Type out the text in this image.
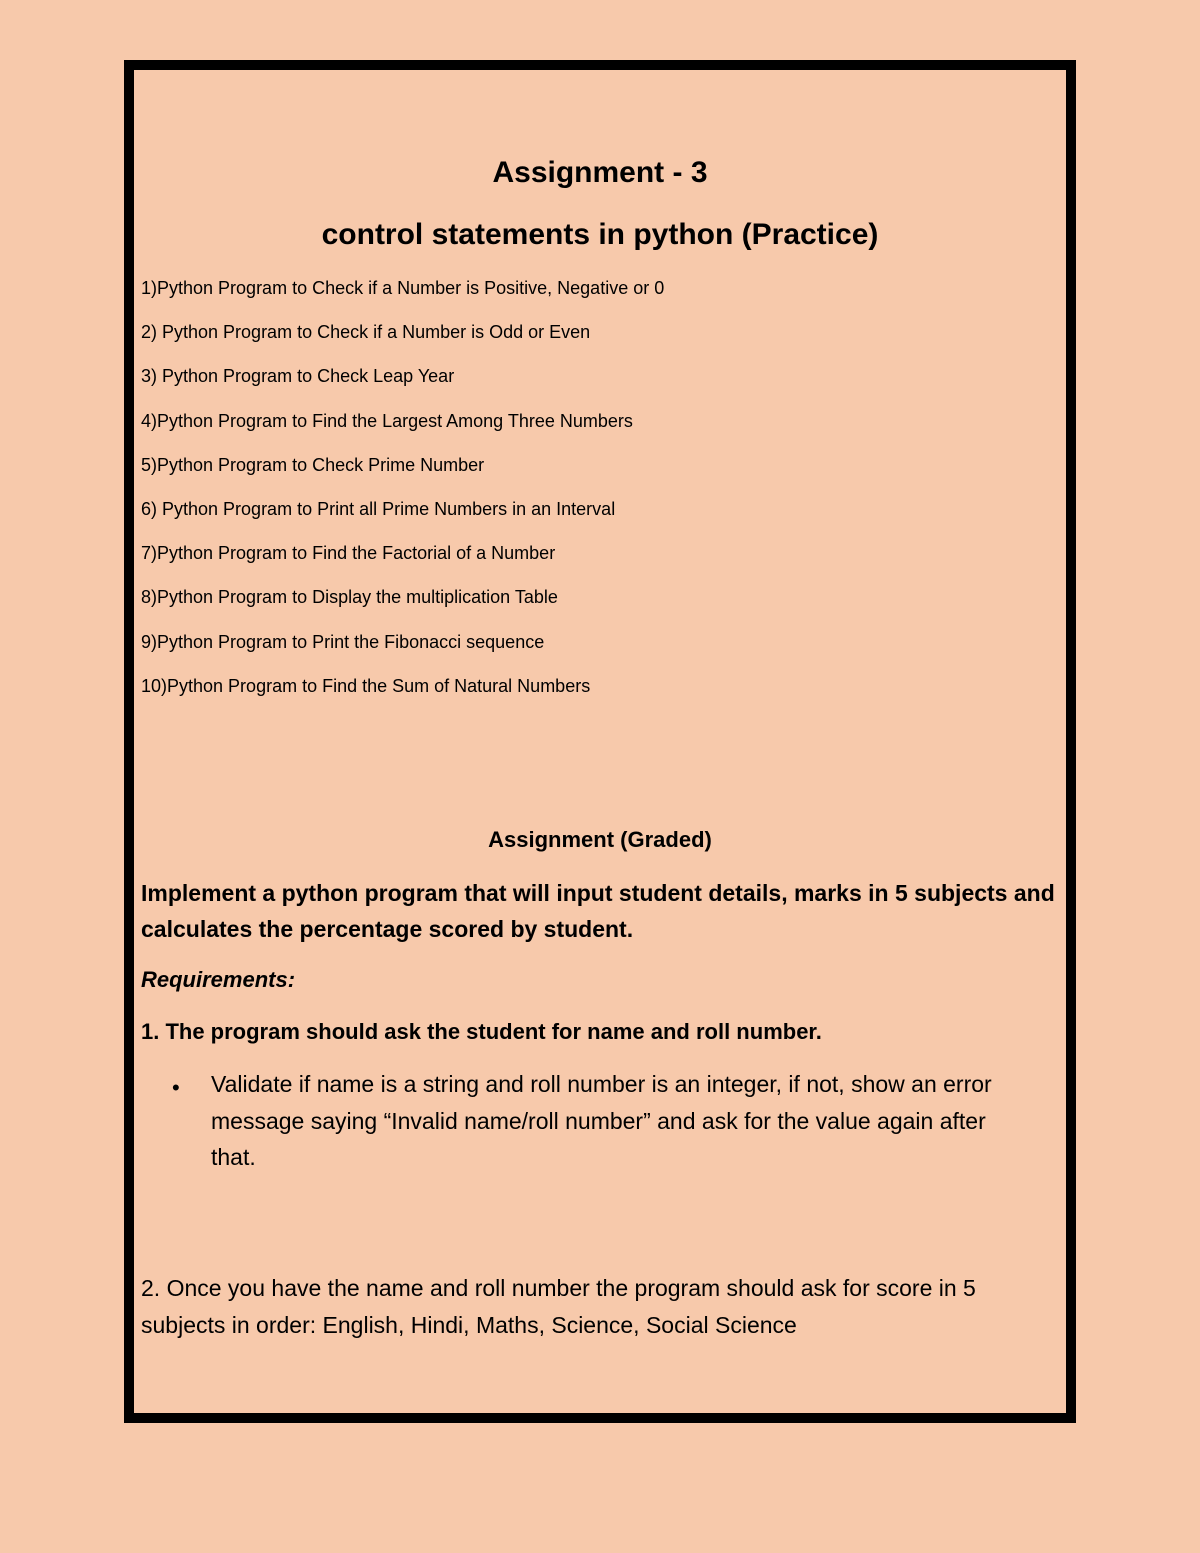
Assignment - 3
control statements in python (Practice)
1)Python Program to Check if a Number is Positive, Negative or 0
2) Python Program to Check if a Number is Odd or Even
3) Python Program to Check Leap Year
4)Python Program to Find the Largest Among Three Numbers
5)Python Program to Check Prime Number
6) Python Program to Print all Prime Numbers in an Interval
7)Python Program to Find the Factorial of a Number
8)Python Program to Display the multiplication Table
9)Python Program to Print the Fibonacci sequence
10)Python Program to Find the Sum of Natural Numbers
Assignment (Graded)

Implement a python program that will input student details, marks in 5 subjects and calculates the percentage scored by student.

Requirements:
1. The program should ask the student for name and roll number.
• Validate if name is a string and roll number is an integer, if not, show an error message saying “Invalid name/roll number” and ask for the value again after that.

2. Once you have the name and roll number the program should ask for score in 5 subjects in order: English, Hindi, Maths, Science, Social Science
